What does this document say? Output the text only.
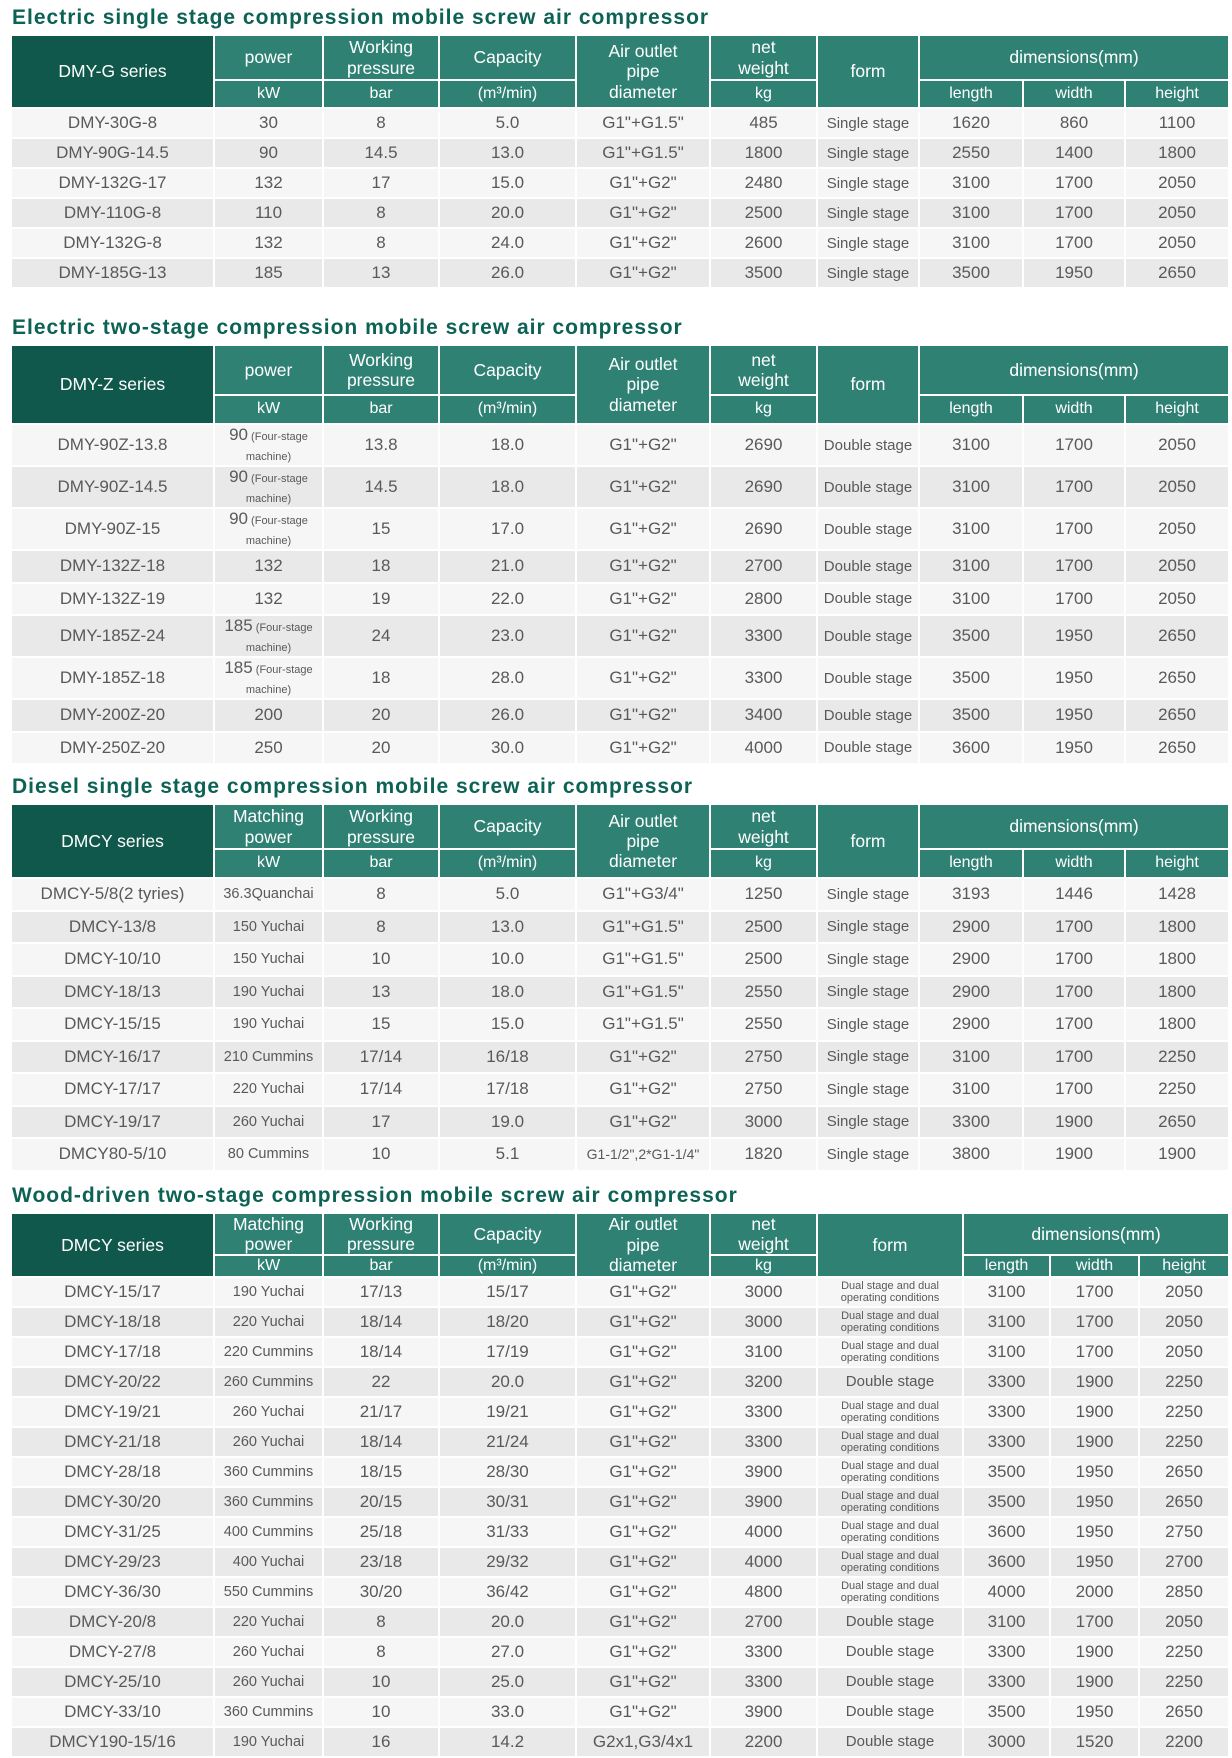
Electric single stage compression mobile screw air compressor
DMY-G series	power	Working pressure	Capacity	Air outlet pipe diameter	net weight	form	dimensions(mm)		
	kW	bar	(m³/min)		kg		length	width	height
DMY-30G-8	30	8	5.0	G1"+G1.5"	485	Single stage	1620	860	1100
DMY-90G-14.5	90	14.5	13.0	G1"+G1.5"	1800	Single stage	2550	1400	1800
DMY-132G-17	132	17	15.0	G1"+G2"	2480	Single stage	3100	1700	2050
DMY-110G-8	110	8	20.0	G1"+G2"	2500	Single stage	3100	1700	2050
DMY-132G-8	132	8	24.0	G1"+G2"	2600	Single stage	3100	1700	2050
DMY-185G-13	185	13	26.0	G1"+G2"	3500	Single stage	3500	1950	2650
Electric two-stage compression mobile screw air compressor
DMY-Z series	power	Working pressure	Capacity	Air outlet pipe diameter	net weight	form	dimensions(mm)		
	kW	bar	(m³/min)		kg		length	width	height
DMY-90Z-13.8	90 (Four-stage machine)	13.8	18.0	G1"+G2"	2690	Double stage	3100	1700	2050
DMY-90Z-14.5	90 (Four-stage machine)	14.5	18.0	G1"+G2"	2690	Double stage	3100	1700	2050
DMY-90Z-15	90 (Four-stage machine)	15	17.0	G1"+G2"	2690	Double stage	3100	1700	2050
DMY-132Z-18	132	18	21.0	G1"+G2"	2700	Double stage	3100	1700	2050
DMY-132Z-19	132	19	22.0	G1"+G2"	2800	Double stage	3100	1700	2050
DMY-185Z-24	185 (Four-stage machine)	24	23.0	G1"+G2"	3300	Double stage	3500	1950	2650
DMY-185Z-18	185 (Four-stage machine)	18	28.0	G1"+G2"	3300	Double stage	3500	1950	2650
DMY-200Z-20	200	20	26.0	G1"+G2"	3400	Double stage	3500	1950	2650
DMY-250Z-20	250	20	30.0	G1"+G2"	4000	Double stage	3600	1950	2650
Diesel single stage compression mobile screw air compressor
DMCY series	Matching power	Working pressure	Capacity	Air outlet pipe diameter	net weight	form	dimensions(mm)		
	kW	bar	(m³/min)		kg		length	width	height
DMCY-5/8(2 tyries)	36.3Quanchai	8	5.0	G1"+G3/4"	1250	Single stage	3193	1446	1428
DMCY-13/8	150 Yuchai	8	13.0	G1"+G1.5"	2500	Single stage	2900	1700	1800
DMCY-10/10	150 Yuchai	10	10.0	G1"+G1.5"	2500	Single stage	2900	1700	1800
DMCY-18/13	190 Yuchai	13	18.0	G1"+G1.5"	2550	Single stage	2900	1700	1800
DMCY-15/15	190 Yuchai	15	15.0	G1"+G1.5"	2550	Single stage	2900	1700	1800
DMCY-16/17	210 Cummins	17/14	16/18	G1"+G2"	2750	Single stage	3100	1700	2250
DMCY-17/17	220 Yuchai	17/14	17/18	G1"+G2"	2750	Single stage	3100	1700	2250
DMCY-19/17	260 Yuchai	17	19.0	G1"+G2"	3000	Single stage	3300	1900	2650
DMCY80-5/10	80 Cummins	10	5.1	G1-1/2",2*G1-1/4"	1820	Single stage	3800	1900	1900
Wood-driven two-stage compression mobile screw air compressor
DMCY series	Matching power	Working pressure	Capacity	Air outlet pipe diameter	net weight	form	dimensions(mm)		
	kW	bar	(m³/min)		kg		length	width	height
DMCY-15/17	190 Yuchai	17/13	15/17	G1"+G2"	3000	Dual stage and dual operating conditions	3100	1700	2050
DMCY-18/18	220 Yuchai	18/14	18/20	G1"+G2"	3000	Dual stage and dual operating conditions	3100	1700	2050
DMCY-17/18	220 Cummins	18/14	17/19	G1"+G2"	3100	Dual stage and dual operating conditions	3100	1700	2050
DMCY-20/22	260 Cummins	22	20.0	G1"+G2"	3200	Double stage	3300	1900	2250
DMCY-19/21	260 Yuchai	21/17	19/21	G1"+G2"	3300	Dual stage and dual operating conditions	3300	1900	2250
DMCY-21/18	260 Yuchai	18/14	21/24	G1"+G2"	3300	Dual stage and dual operating conditions	3300	1900	2250
DMCY-28/18	360 Cummins	18/15	28/30	G1"+G2"	3900	Dual stage and dual operating conditions	3500	1950	2650
DMCY-30/20	360 Cummins	20/15	30/31	G1"+G2"	3900	Dual stage and dual operating conditions	3500	1950	2650
DMCY-31/25	400 Cummins	25/18	31/33	G1"+G2"	4000	Dual stage and dual operating conditions	3600	1950	2750
DMCY-29/23	400 Yuchai	23/18	29/32	G1"+G2"	4000	Dual stage and dual operating conditions	3600	1950	2700
DMCY-36/30	550 Cummins	30/20	36/42	G1"+G2"	4800	Dual stage and dual operating conditions	4000	2000	2850
DMCY-20/8	220 Yuchai	8	20.0	G1"+G2"	2700	Double stage	3100	1700	2050
DMCY-27/8	260 Yuchai	8	27.0	G1"+G2"	3300	Double stage	3300	1900	2250
DMCY-25/10	260 Yuchai	10	25.0	G1"+G2"	3300	Double stage	3300	1900	2250
DMCY-33/10	360 Cummins	10	33.0	G1"+G2"	3900	Double stage	3500	1950	2650
DMCY190-15/16	190 Yuchai	16	14.2	G2x1,G3/4x1	2200	Double stage	3000	1520	2200
